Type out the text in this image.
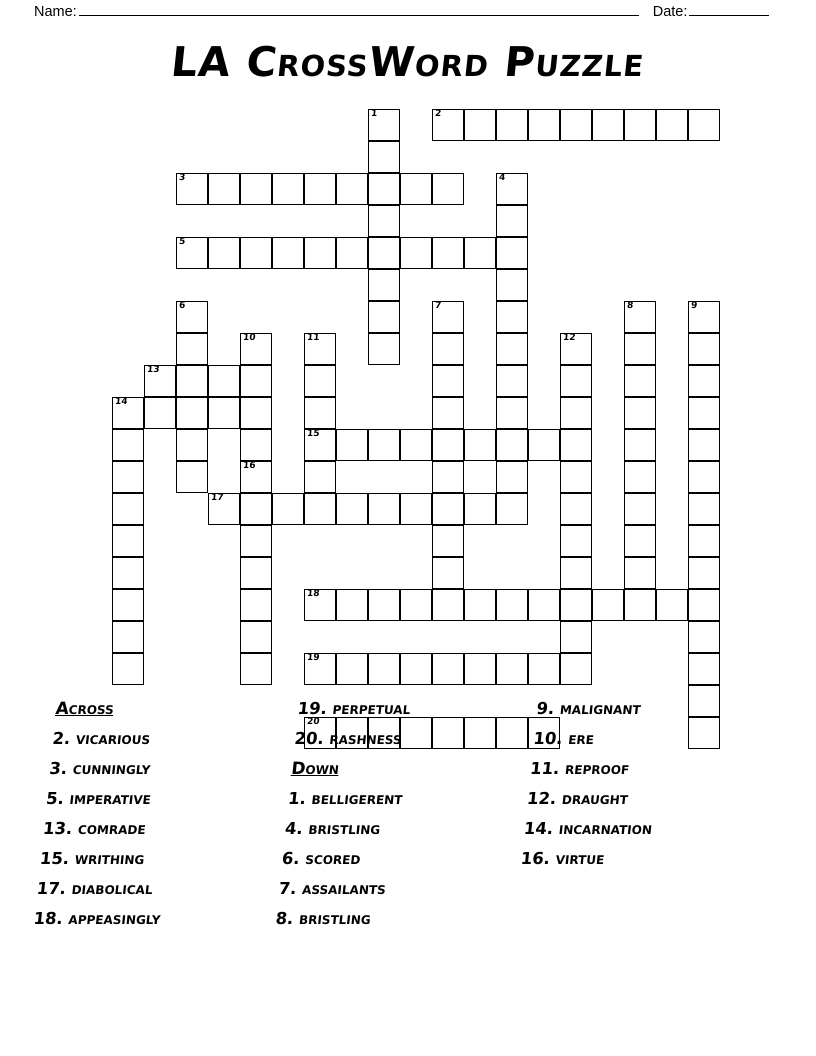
Name:	Date:
LA CrossWord Puzzle
1	2
3	4
5
6	7	8	9
10
16
11
15
12
13
14
17
18
19
20
Across
2. vicarious
3. cunningly
5. imperative
13. comrade
15. writhing
17. diabolical
18. appeasingly
19. perpetual
20. rashness
Down
1. belligerent
4. bristling
6. scored
7. assailants
8. bristling
9. malignant
10. ere
11. reproof
12. draught
14. incarnation
16. virtue
